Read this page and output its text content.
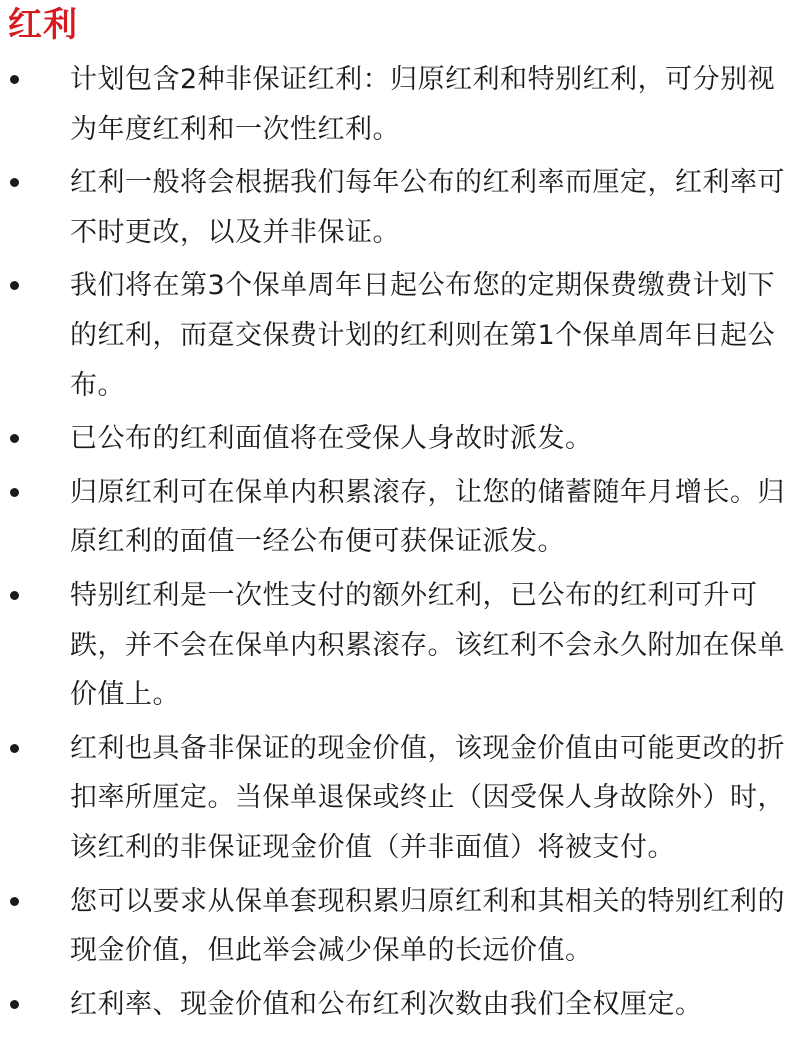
红利
计划包含2种非保证红利：归原红利和特别红利，可分别视为年度红利和一次性红利。
红利一般将会根据我们每年公布的红利率而厘定，红利率可不时更改，以及并非保证。
我们将在第3个保单周年日起公布您的定期保费缴费计划下的红利，而趸交保费计划的红利则在第1个保单周年日起公布。
已公布的红利面值将在受保人身故时派发。
归原红利可在保单内积累滚存，让您的储蓄随年月增长。归原红利的面值一经公布便可获保证派发。
特别红利是一次性支付的额外红利，已公布的红利可升可跌，并不会在保单内积累滚存。该红利不会永久附加在保单价值上。
红利也具备非保证的现金价值，该现金价值由可能更改的折扣率所厘定。当保单退保或终止（因受保人身故除外）时，该红利的非保证现金价值（并非面值）将被支付。
您可以要求从保单套现积累归原红利和其相关的特别红利的现金价值，但此举会减少保单的长远价值。
红利率、现金价值和公布红利次数由我们全权厘定。
